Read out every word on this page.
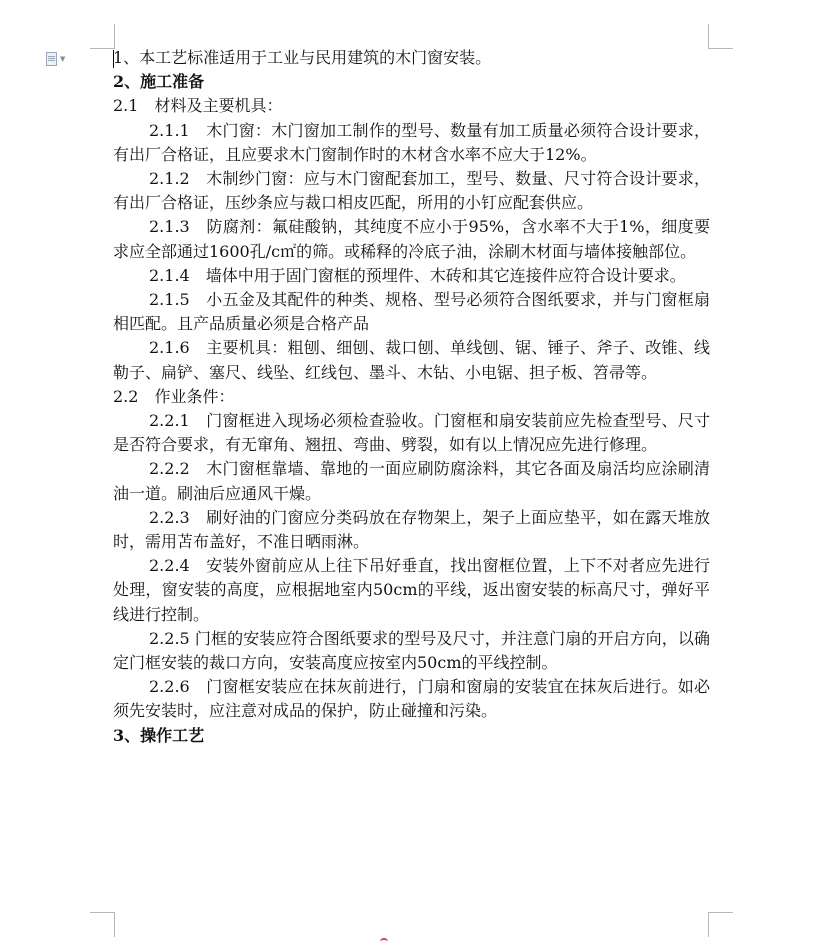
▼	1、本工艺标准适用于工业与民用建筑的木门窗安装。

2、施工准备

2.1　材料及主要机具：

2.1.1　木门窗：木门窗加工制作的型号、数量有加工质量必须符合设计要求，有出厂合格证，且应要求木门窗制作时的木材含水率不应大于12%。

2.1.2　木制纱门窗：应与木门窗配套加工，型号、数量、尺寸符合设计要求，有出厂合格证，压纱条应与裁口相皮匹配，所用的小钉应配套供应。

2.1.3　防腐剂：氟硅酸钠，其纯度不应小于95%，含水率不大于1%，细度要求应全部通过1600孔/c㎡的筛。或稀释的冷底子油，涂刷木材面与墙体接触部位。

2.1.4　墙体中用于固门窗框的预埋件、木砖和其它连接件应符合设计要求。

2.1.5　小五金及其配件的种类、规格、型号必须符合图纸要求，并与门窗框扇相匹配。且产品质量必须是合格产品

2.1.6　主要机具：粗刨、细刨、裁口刨、单线刨、锯、锤子、斧子、改锥、线勒子、扁铲、塞尺、线坠、红线包、墨斗、木钻、小电锯、担子板、笤帚等。

2.2　作业条件：

2.2.1　门窗框进入现场必须检查验收。门窗框和扇安装前应先检查型号、尺寸是否符合要求，有无窜角、翘扭、弯曲、劈裂，如有以上情况应先进行修理。

2.2.2　木门窗框靠墙、靠地的一面应刷防腐涂料，其它各面及扇活均应涂刷清油一道。刷油后应通风干燥。

2.2.3　刷好油的门窗应分类码放在存物架上，架子上面应垫平，如在露天堆放时，需用苫布盖好，不准日晒雨淋。

2.2.4　安装外窗前应从上往下吊好垂直，找出窗框位置，上下不对者应先进行处理，窗安装的高度，应根据地室内50cm的平线，返出窗安装的标高尺寸，弹好平线进行控制。

2.2.5 门框的安装应符合图纸要求的型号及尺寸，并注意门扇的开启方向，以确定门框安装的裁口方向，安装高度应按室内50cm的平线控制。

2.2.6　门窗框安装应在抹灰前进行，门扇和窗扇的安装宜在抹灰后进行。如必须先安装时，应注意对成品的保护，防止碰撞和污染。

3、操作工艺
